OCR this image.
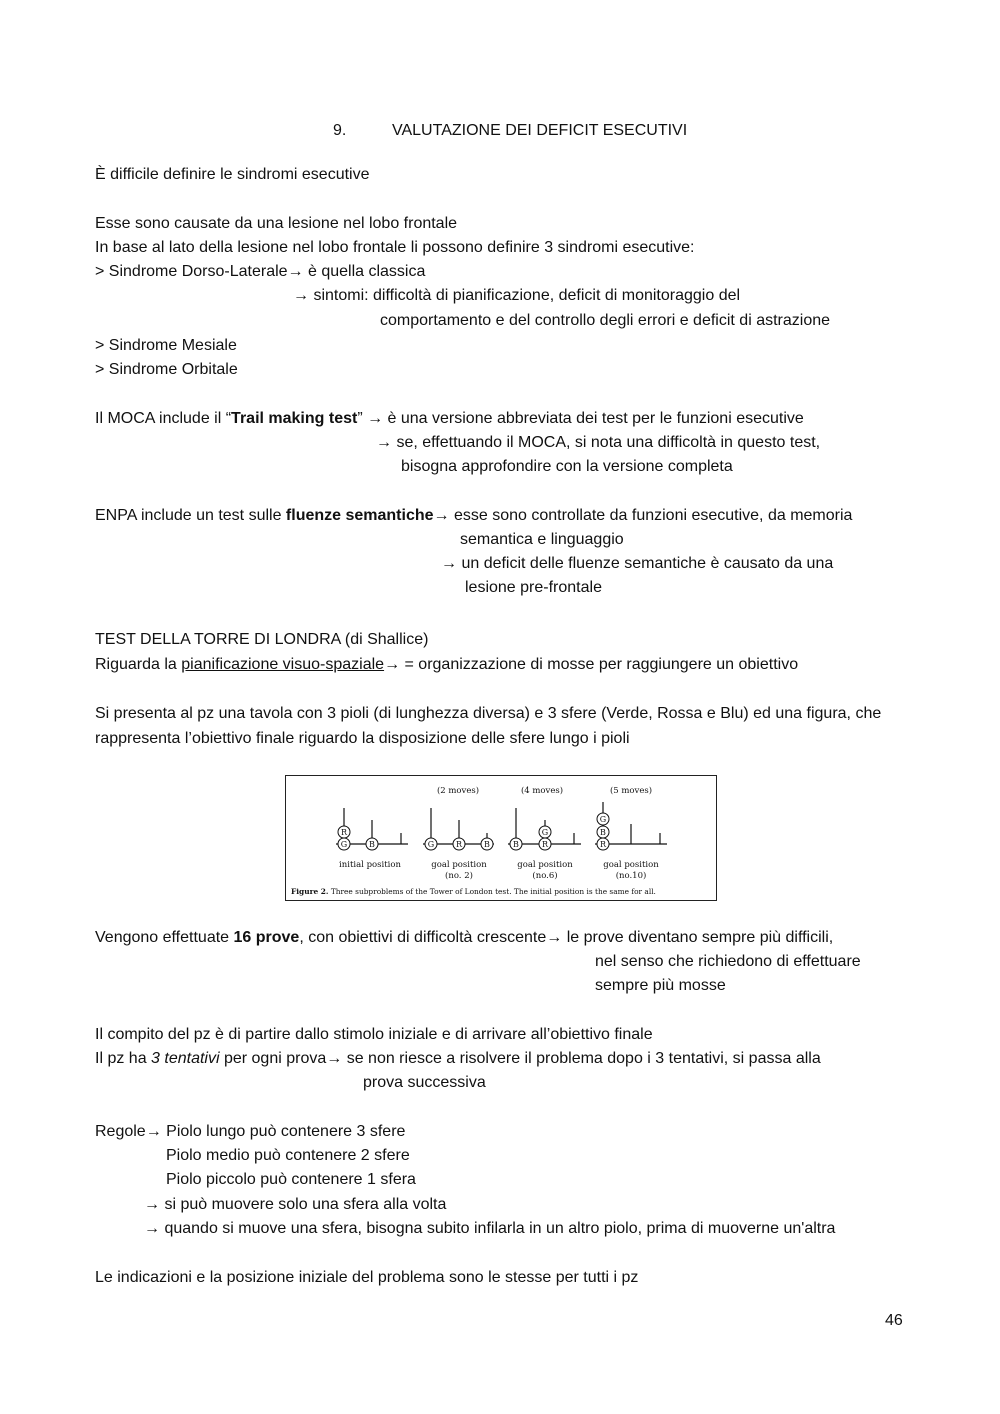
9.	VALUTAZIONE DEI DEFICIT ESECUTIVI
È difficile definire le sindromi esecutive
Esse sono causate da una lesione nel lobo frontale
In base al lato della lesione nel lobo frontale li possono definire 3 sindromi esecutive:
> Sindrome Dorso-Laterale→ è quella classica
→ sintomi: difficoltà di pianificazione, deficit di monitoraggio del
comportamento e del controllo degli errori e deficit di astrazione
> Sindrome Mesiale
> Sindrome Orbitale
Il MOCA include il “Trail making test” → è una versione abbreviata dei test per le funzioni esecutive
→ se, effettuando il MOCA, si nota una difficoltà in questo test,
bisogna approfondire con la versione completa
ENPA include un test sulle fluenze semantiche→ esse sono controllate da funzioni esecutive, da memoria
semantica e linguaggio
→ un deficit delle fluenze semantiche è causato da una
lesione pre-frontale
TEST DELLA TORRE DI LONDRA (di Shallice)
Riguarda la pianificazione visuo-spaziale→ = organizzazione di mosse per raggiungere un obiettivo
Si presenta al pz una tavola con 3 pioli (di lunghezza diversa) e 3 sfere (Verde, Rossa e Blu) ed una figura, che
rappresenta l’obiettivo finale riguardo la disposizione delle sfere lungo i pioli
R
G	B	G	R	B	B
G
R
G
B
R
(2 moves)	(4 moves)	(5 moves)
initial position	goal position	goal position	goal position
(no. 2)	(no.6)	(no.10)
Figure 2. Three subproblems of the Tower of London test. The initial position is the same for all.
Vengono effettuate 16 prove, con obiettivi di difficoltà crescente→ le prove diventano sempre più difficili,
nel senso che richiedono di effettuare
sempre più mosse
Il compito del pz è di partire dallo stimolo iniziale e di arrivare all’obiettivo finale
Il pz ha 3 tentativi per ogni prova→ se non riesce a risolvere il problema dopo i 3 tentativi, si passa alla
prova successiva
Regole→ Piolo lungo può contenere 3 sfere
Piolo medio può contenere 2 sfere
Piolo piccolo può contenere 1 sfera
→ si può muovere solo una sfera alla volta
→ quando si muove una sfera, bisogna subito infilarla in un altro piolo, prima di muoverne un'altra
Le indicazioni e la posizione iniziale del problema sono le stesse per tutti i pz
46
